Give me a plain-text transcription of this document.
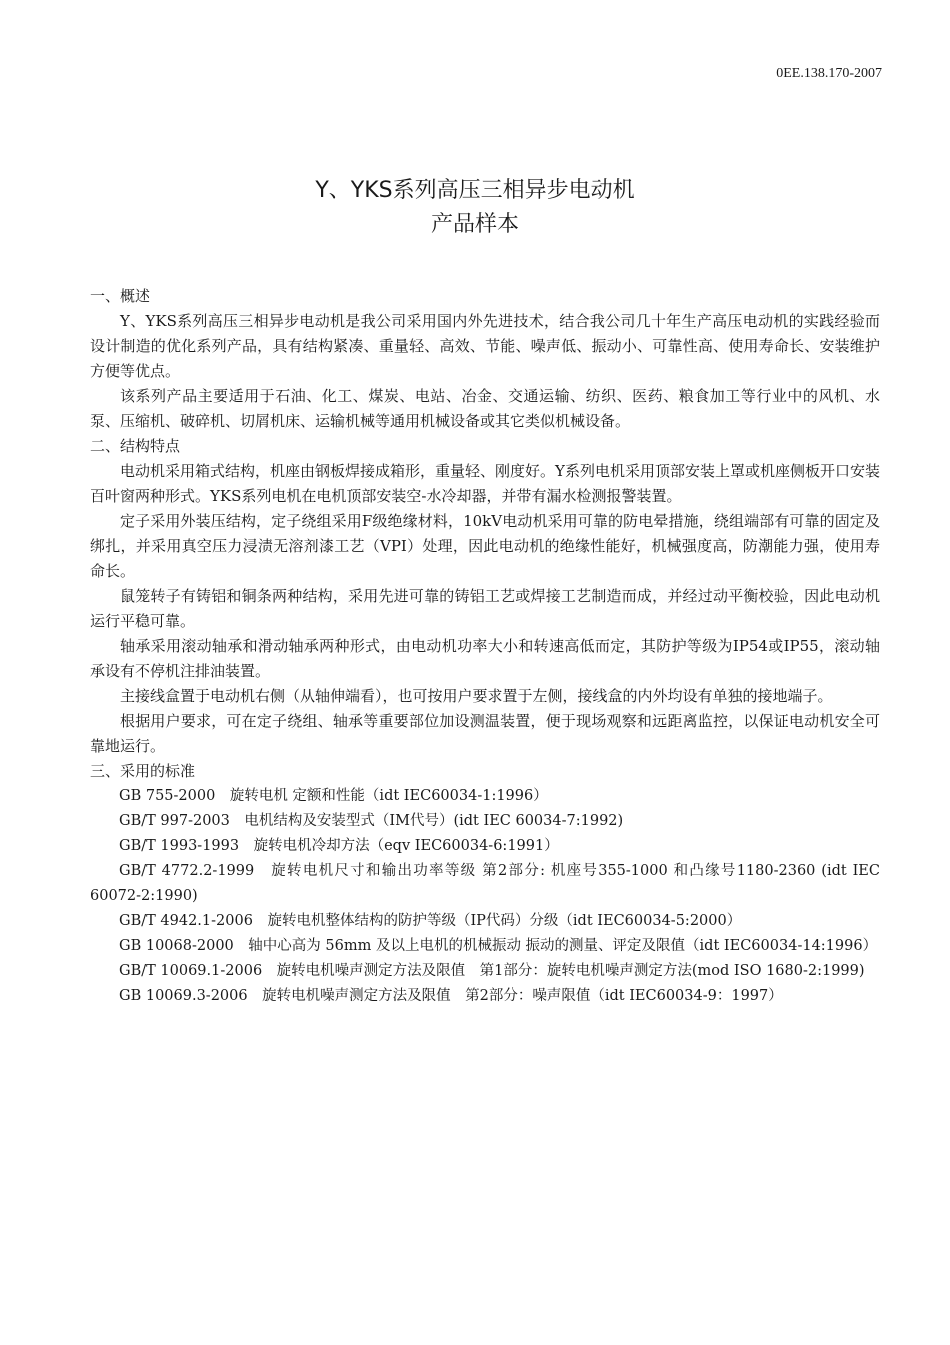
0EE.138.170-2007
Y、YKS系列高压三相异步电动机
产品样本

一、概述

Y、YKS系列高压三相异步电动机是我公司采用国内外先进技术，结合我公司几十年生产高压电动机的实践经验而设计制造的优化系列产品，具有结构紧凑、重量轻、高效、节能、噪声低、振动小、可靠性高、使用寿命长、安装维护方便等优点。

该系列产品主要适用于石油、化工、煤炭、电站、冶金、交通运输、纺织、医药、粮食加工等行业中的风机、水泵、压缩机、破碎机、切屑机床、运输机械等通用机械设备或其它类似机械设备。

二、结构特点

电动机采用箱式结构，机座由钢板焊接成箱形，重量轻、刚度好。Y系列电机采用顶部安装上罩或机座侧板开口安装百叶窗两种形式。YKS系列电机在电机顶部安装空-水冷却器，并带有漏水检测报警装置。

定子采用外装压结构，定子绕组采用F级绝缘材料，10kV电动机采用可靠的防电晕措施，绕组端部有可靠的固定及绑扎，并采用真空压力浸渍无溶剂漆工艺（VPI）处理，因此电动机的绝缘性能好，机械强度高，防潮能力强，使用寿命长。

鼠笼转子有铸铝和铜条两种结构，采用先进可靠的铸铝工艺或焊接工艺制造而成，并经过动平衡校验，因此电动机运行平稳可靠。

轴承采用滚动轴承和滑动轴承两种形式，由电动机功率大小和转速高低而定，其防护等级为IP54或IP55，滚动轴承设有不停机注排油装置。

主接线盒置于电动机右侧（从轴伸端看），也可按用户要求置于左侧，接线盒的内外均设有单独的接地端子。

根据用户要求，可在定子绕组、轴承等重要部位加设测温装置，便于现场观察和远距离监控，以保证电动机安全可靠地运行。

三、采用的标准

GB 755-2000　旋转电机 定额和性能（idt IEC60034-1:1996）

GB/T 997-2003　电机结构及安装型式（IM代号）(idt IEC 60034-7:1992)

GB/T 1993-1993　旋转电机冷却方法（eqv IEC60034-6:1991）

GB/T 4772.2-1999　旋转电机尺寸和输出功率等级 第2部分: 机座号355-1000 和凸缘号1180-2360 (idt IEC 60072-2:1990)

GB/T 4942.1-2006　旋转电机整体结构的防护等级（IP代码）分级（idt IEC60034-5:2000）

GB 10068-2000　轴中心高为 56mm 及以上电机的机械振动 振动的测量、评定及限值（idt IEC60034-14:1996）

GB/T 10069.1-2006　旋转电机噪声测定方法及限值　第1部分：旋转电机噪声测定方法(mod ISO 1680-2:1999)

GB 10069.3-2006　旋转电机噪声测定方法及限值　第2部分：噪声限值（idt IEC60034-9：1997）
